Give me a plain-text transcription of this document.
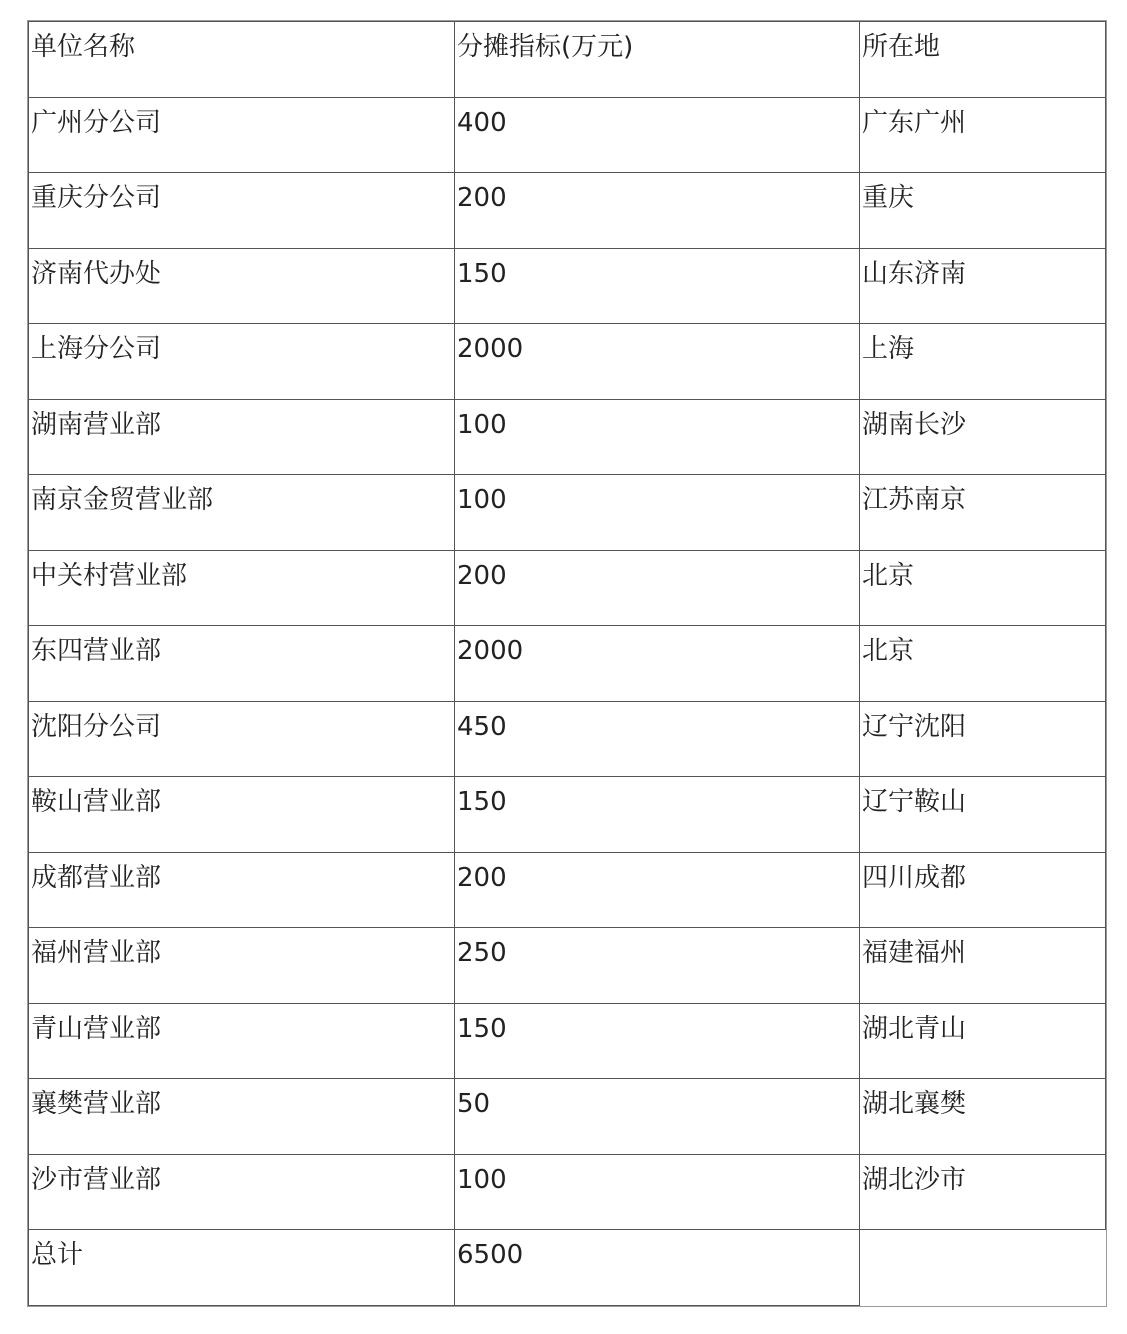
单位名称	分摊指标(万元)	所在地

广州分公司	400	广东广州

重庆分公司	200	重庆

济南代办处	150	山东济南

上海分公司	2000	上海

湖南营业部	100	湖南长沙

南京金贸营业部	100	江苏南京

中关村营业部	200	北京

东四营业部	2000	北京

沈阳分公司	450	辽宁沈阳

鞍山营业部	150	辽宁鞍山

成都营业部	200	四川成都

福州营业部	250	福建福州

青山营业部	150	湖北青山

襄樊营业部	50	湖北襄樊

沙市营业部	100	湖北沙市

总计	6500	
